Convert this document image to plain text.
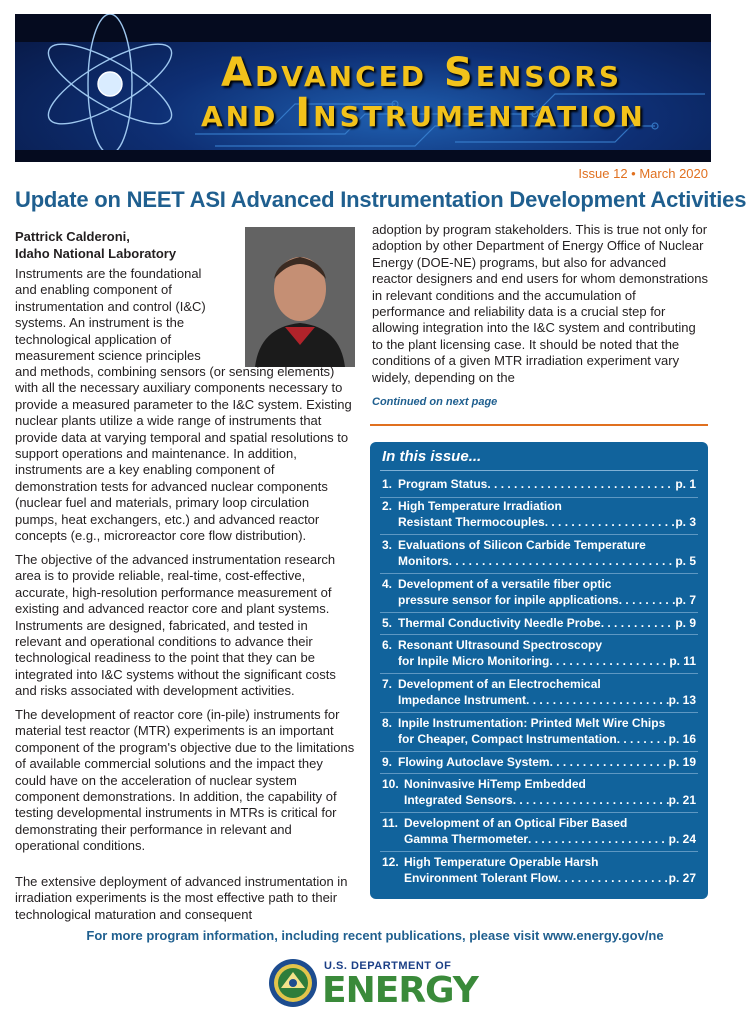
Advanced Sensors
and Instrumentation
Issue 12 • March 2020
Update on NEET ASI Advanced Instrumentation Development Activities
Pattrick Calderoni,
Idaho National Laboratory
Instruments are the foundational and enabling component of instrumentation and control (I&C) systems. An instrument is the technological application of measurement science principles
and methods, combining sensors (or sensing elements) with all the necessary auxiliary components necessary to provide a measured parameter to the I&C system. Existing nuclear plants utilize a wide range of instruments that provide data at varying temporal and spatial resolutions to support operations and maintenance. In addition, instruments are a key enabling component of demonstration tests for advanced nuclear components (nuclear fuel and materials, primary loop circulation pumps, heat exchangers, etc.) and advanced reactor concepts (e.g., microreactor core flow distribution).
The objective of the advanced instrumentation research area is to provide reliable, real-time, cost-effective, accurate, high-resolution performance measurement of existing and advanced reactor core and plant systems. Instruments are designed, fabricated, and tested in relevant and operational conditions to advance their technological readiness to the point that they can be integrated into I&C systems without the significant costs and risks associated with development activities.
The development of reactor core (in-pile) instruments for material test reactor (MTR) experiments is an important component of the program's objective due to the limitations of available commercial solutions and the impact they could have on the acceleration of nuclear system component demonstrations. In addition, the capability of testing developmental instruments in MTRs is critical for demonstrating their performance in relevant and operational conditions.
The extensive deployment of advanced instrumentation in irradiation experiments is the most effective path to their technological maturation and consequent
adoption by program stakeholders. This is true not only for adoption by other Department of Energy Office of Nuclear Energy (DOE-NE) programs, but also for advanced reactor designers and end users for whom demonstrations in relevant conditions and the accumulation of performance and reliability data is a crucial step for allowing integration into the I&C system and contributing to the plant licensing case. It should be noted that the conditions of a given MTR irradiation experiment vary widely, depending on the
Continued on next page
In this issue...
1. Program Status . . .	p. 1
2. High Temperature Irradiation
Resistant Thermocouples . . .	p. 3
3. Evaluations of Silicon Carbide Temperature
Monitors . . .	p. 5
4. Development of a versatile fiber optic
pressure sensor for inpile applications . . .	p. 7
5. Thermal Conductivity Needle Probe . . .	p. 9
6. Resonant Ultrasound Spectroscopy
for Inpile Micro Monitoring . . .	p. 11
7. Development of an Electrochemical
Impedance Instrument . . .	p. 13
8. Inpile Instrumentation: Printed Melt Wire Chips
for Cheaper, Compact Instrumentation . . .	p. 16
9. Flowing Autoclave System . . .	p. 19
10. Noninvasive HiTemp Embedded
Integrated Sensors . . .	p. 21
11. Development of an Optical Fiber Based
Gamma Thermometer . . .	p. 24
12. High Temperature Operable Harsh
Environment Tolerant Flow . . .	p. 27
For more program information, including recent publications, please visit www.energy.gov/ne
U.S. DEPARTMENT OF
ENERGY
